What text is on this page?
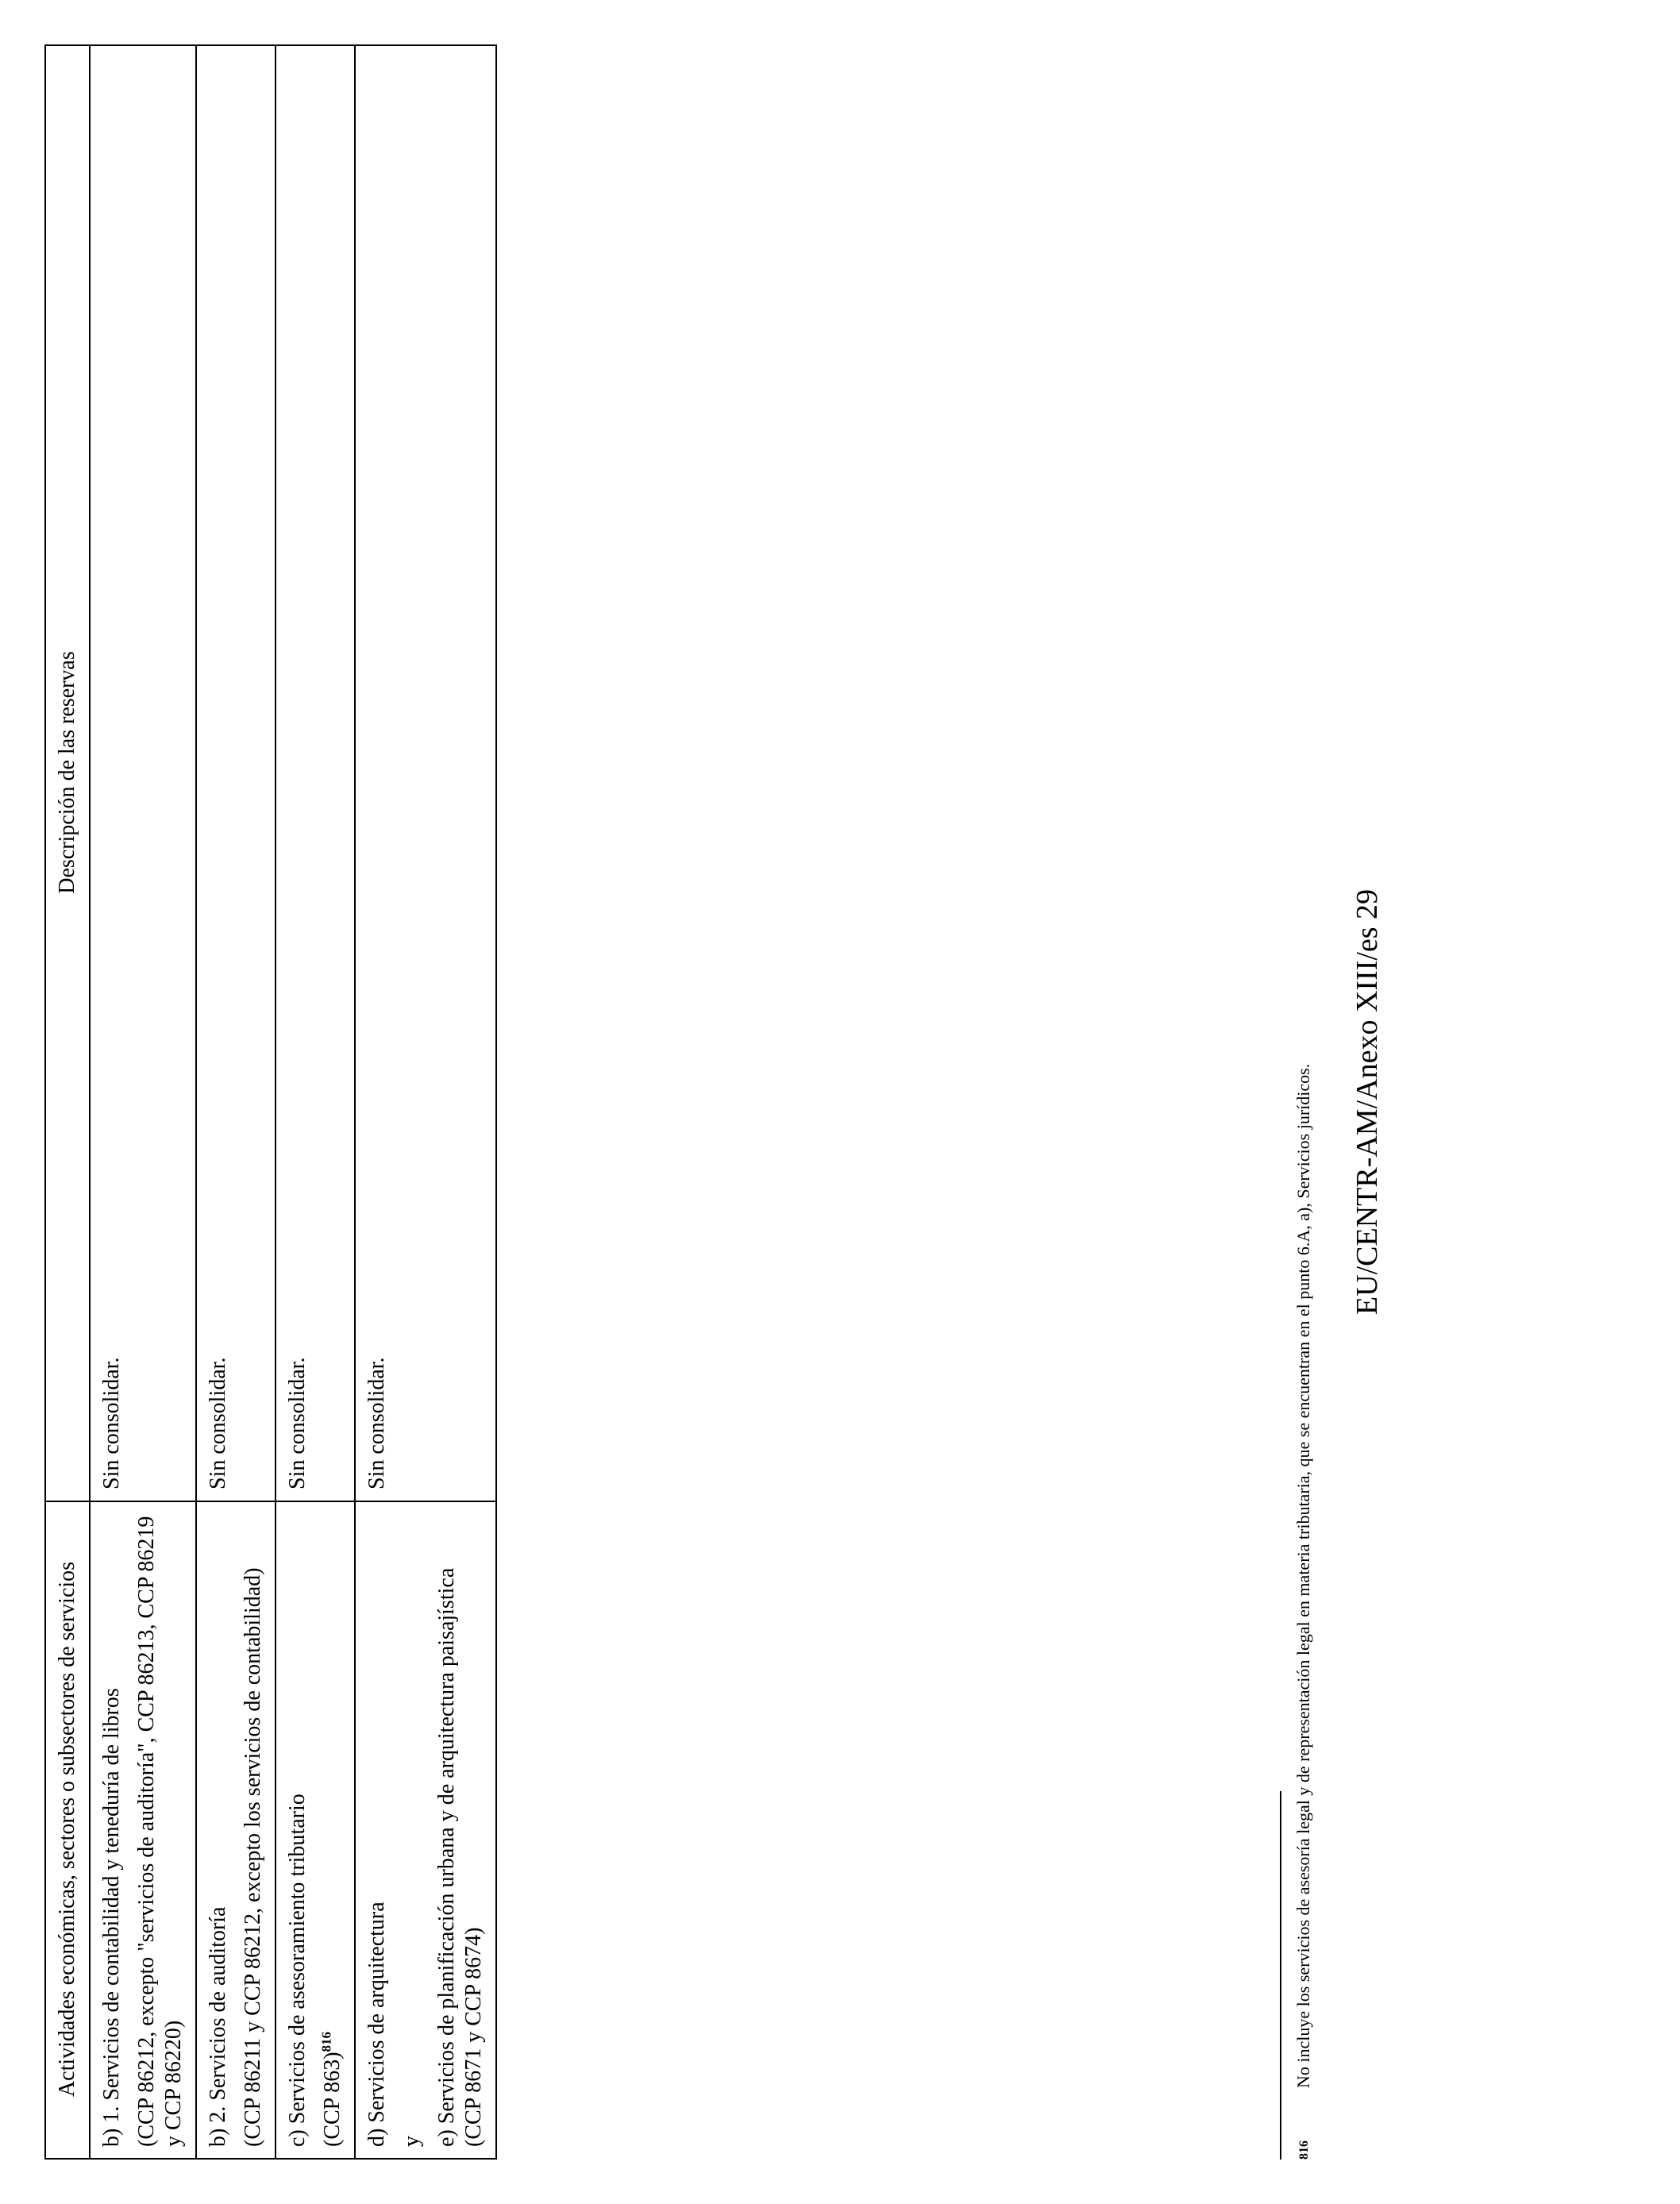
Actividades económicas, sectores o subsectores de servicios	Descripción de las reservas

b) 1. Servicios de contabilidad y teneduría de libros (CCP 86212, excepto "servicios de auditoría", CCP 86213, CCP 86219 y CCP 86220)	Sin consolidar.

b) 2. Servicios de auditoría (CCP 86211 y CCP 86212, excepto los servicios de contabilidad)	Sin consolidar.

c) Servicios de asesoramiento tributario (CCP 863)$^{816}$	Sin consolidar.

d) Servicios de arquitectura y e) Servicios de planificación urbana y de arquitectura paisajística (CCP 8671 y CCP 8674)	Sin consolidar.
816No incluye los servicios de asesoría legal y de representación legal en materia tributaria, que se encuentran en el punto 6.A, a), Servicios jurídicos. EU/CENTR-AM/Anexo XIII/es 29
